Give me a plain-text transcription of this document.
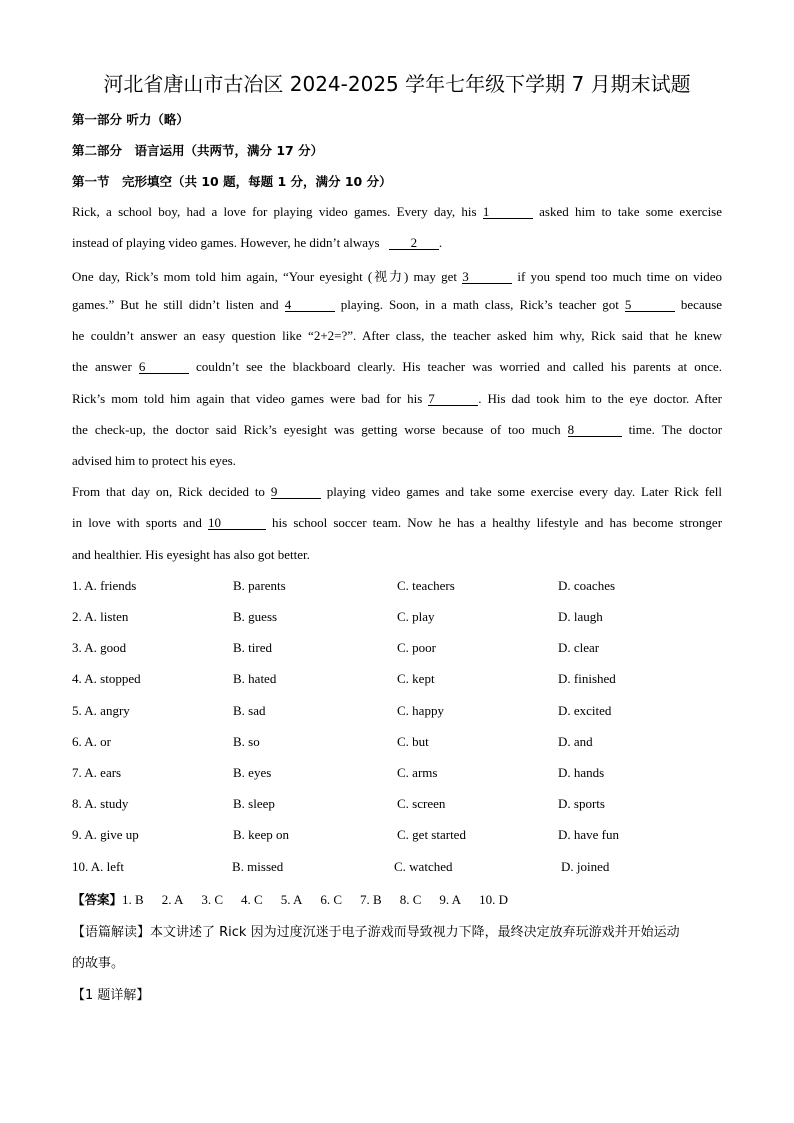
河北省唐山市古冶区 2024-2025 学年七年级下学期 7 月期末试题
第一部分 听力（略）
第二部分　语言运用（共两节，满分 17 分）
第一节　完形填空（共 10 题，每题 1 分，满分 10 分）
Rick, a school boy, had a love for playing video games. Every day, his 1	asked him to take some exercise
instead of playing video games. However, he didn’t always 2 .
One day, Rick’s mom told him again, “Your eyesight (视力) may get 3	if you spend too much time on video
games.” But he still didn’t listen and 4	playing. Soon, in a math class, Rick’s teacher got 5	because
he couldn’t answer an easy question like “2+2=?”. After class, the teacher asked him why, Rick said that he knew
the answer 6	couldn’t see the blackboard clearly. His teacher was worried and called his parents at once.
Rick’s mom told him again that video games were bad for his 7	. His dad took him to the eye doctor. After
the check-up, the doctor said Rick’s eyesight was getting worse because of too much 8	time. The doctor
advised him to protect his eyes.
From that day on, Rick decided to 9	playing video games and take some exercise every day. Later Rick fell
in love with sports and 10	his school soccer team. Now he has a healthy lifestyle and has become stronger
and healthier. His eyesight has also got better.
1. A. friends	B. parents	C. teachers	D. coaches
2. A. listen	B. guess	C. play	D. laugh
3. A. good	B. tired	C. poor	D. clear
4. A. stopped	B. hated	C. kept	D. finished
5. A. angry	B. sad	C. happy	D. excited
6. A. or	B. so	C. but	D. and
7. A. ears	B. eyes	C. arms	D. hands
8. A. study	B. sleep	C. screen	D. sports
9. A. give up	B. keep on	C. get started	D. have fun
10. A. left	B. missed	C. watched	D. joined
【答案】1. B 2. A 3. C 4. C 5. A 6. C 7. B 8. C 9. A 10. D
【语篇解读】本文讲述了 Rick 因为过度沉迷于电子游戏而导致视力下降，最终决定放弃玩游戏并开始运动
的故事。
【1 题详解】
